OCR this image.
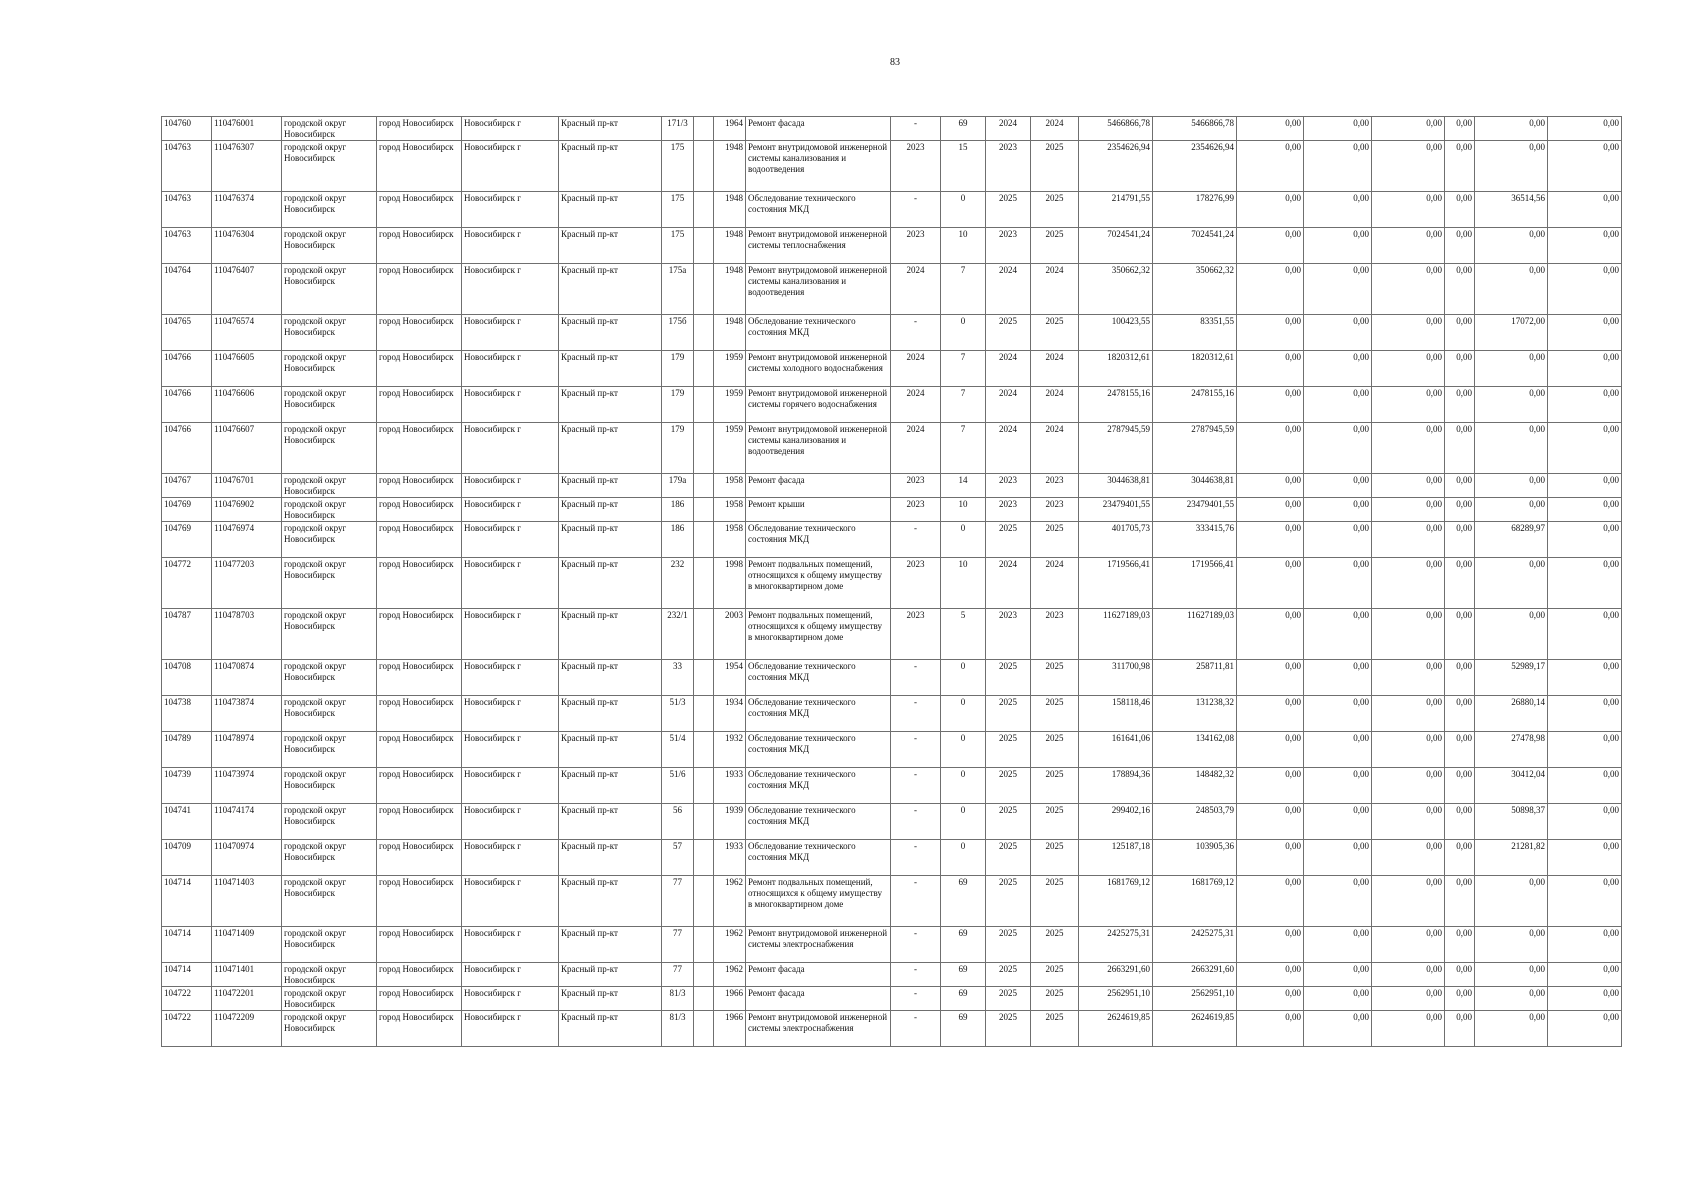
83
104760	110476001	городской округ Новосибирск	город Новосибирск	Новосибирск г	Красный пр-кт	171/3		1964	Ремонт фасада	-	69	2024	2024	5466866,78	5466866,78	0,00	0,00	0,00	0,00	0,00	0,00
104763	110476307	городской округ Новосибирск	город Новосибирск	Новосибирск г	Красный пр-кт	175		1948	Ремонт внутридомовой инженерной системы канализования и водоотведения	2023	15	2023	2025	2354626,94	2354626,94	0,00	0,00	0,00	0,00	0,00	0,00
104763	110476374	городской округ Новосибирск	город Новосибирск	Новосибирск г	Красный пр-кт	175		1948	Обследование технического состояния МКД	-	0	2025	2025	214791,55	178276,99	0,00	0,00	0,00	0,00	36514,56	0,00
104763	110476304	городской округ Новосибирск	город Новосибирск	Новосибирск г	Красный пр-кт	175		1948	Ремонт внутридомовой инженерной системы теплоснабжения	2023	10	2023	2025	7024541,24	7024541,24	0,00	0,00	0,00	0,00	0,00	0,00
104764	110476407	городской округ Новосибирск	город Новосибирск	Новосибирск г	Красный пр-кт	175а		1948	Ремонт внутридомовой инженерной системы канализования и водоотведения	2024	7	2024	2024	350662,32	350662,32	0,00	0,00	0,00	0,00	0,00	0,00
104765	110476574	городской округ Новосибирск	город Новосибирск	Новосибирск г	Красный пр-кт	175б		1948	Обследование технического состояния МКД	-	0	2025	2025	100423,55	83351,55	0,00	0,00	0,00	0,00	17072,00	0,00
104766	110476605	городской округ Новосибирск	город Новосибирск	Новосибирск г	Красный пр-кт	179		1959	Ремонт внутридомовой инженерной системы холодного водоснабжения	2024	7	2024	2024	1820312,61	1820312,61	0,00	0,00	0,00	0,00	0,00	0,00
104766	110476606	городской округ Новосибирск	город Новосибирск	Новосибирск г	Красный пр-кт	179		1959	Ремонт внутридомовой инженерной системы горячего водоснабжения	2024	7	2024	2024	2478155,16	2478155,16	0,00	0,00	0,00	0,00	0,00	0,00
104766	110476607	городской округ Новосибирск	город Новосибирск	Новосибирск г	Красный пр-кт	179		1959	Ремонт внутридомовой инженерной системы канализования и водоотведения	2024	7	2024	2024	2787945,59	2787945,59	0,00	0,00	0,00	0,00	0,00	0,00
104767	110476701	городской округ Новосибирск	город Новосибирск	Новосибирск г	Красный пр-кт	179а		1958	Ремонт фасада	2023	14	2023	2023	3044638,81	3044638,81	0,00	0,00	0,00	0,00	0,00	0,00
104769	110476902	городской округ Новосибирск	город Новосибирск	Новосибирск г	Красный пр-кт	186		1958	Ремонт крыши	2023	10	2023	2023	23479401,55	23479401,55	0,00	0,00	0,00	0,00	0,00	0,00
104769	110476974	городской округ Новосибирск	город Новосибирск	Новосибирск г	Красный пр-кт	186		1958	Обследование технического состояния МКД	-	0	2025	2025	401705,73	333415,76	0,00	0,00	0,00	0,00	68289,97	0,00
104772	110477203	городской округ Новосибирск	город Новосибирск	Новосибирск г	Красный пр-кт	232		1998	Ремонт подвальных помещений, относящихся к общему имуществу в многоквартирном доме	2023	10	2024	2024	1719566,41	1719566,41	0,00	0,00	0,00	0,00	0,00	0,00
104787	110478703	городской округ Новосибирск	город Новосибирск	Новосибирск г	Красный пр-кт	232/1		2003	Ремонт подвальных помещений, относящихся к общему имуществу в многоквартирном доме	2023	5	2023	2023	11627189,03	11627189,03	0,00	0,00	0,00	0,00	0,00	0,00
104708	110470874	городской округ Новосибирск	город Новосибирск	Новосибирск г	Красный пр-кт	33		1954	Обследование технического состояния МКД	-	0	2025	2025	311700,98	258711,81	0,00	0,00	0,00	0,00	52989,17	0,00
104738	110473874	городской округ Новосибирск	город Новосибирск	Новосибирск г	Красный пр-кт	51/3		1934	Обследование технического состояния МКД	-	0	2025	2025	158118,46	131238,32	0,00	0,00	0,00	0,00	26880,14	0,00
104789	110478974	городской округ Новосибирск	город Новосибирск	Новосибирск г	Красный пр-кт	51/4		1932	Обследование технического состояния МКД	-	0	2025	2025	161641,06	134162,08	0,00	0,00	0,00	0,00	27478,98	0,00
104739	110473974	городской округ Новосибирск	город Новосибирск	Новосибирск г	Красный пр-кт	51/6		1933	Обследование технического состояния МКД	-	0	2025	2025	178894,36	148482,32	0,00	0,00	0,00	0,00	30412,04	0,00
104741	110474174	городской округ Новосибирск	город Новосибирск	Новосибирск г	Красный пр-кт	56		1939	Обследование технического состояния МКД	-	0	2025	2025	299402,16	248503,79	0,00	0,00	0,00	0,00	50898,37	0,00
104709	110470974	городской округ Новосибирск	город Новосибирск	Новосибирск г	Красный пр-кт	57		1933	Обследование технического состояния МКД	-	0	2025	2025	125187,18	103905,36	0,00	0,00	0,00	0,00	21281,82	0,00
104714	110471403	городской округ Новосибирск	город Новосибирск	Новосибирск г	Красный пр-кт	77		1962	Ремонт подвальных помещений, относящихся к общему имуществу в многоквартирном доме	-	69	2025	2025	1681769,12	1681769,12	0,00	0,00	0,00	0,00	0,00	0,00
104714	110471409	городской округ Новосибирск	город Новосибирск	Новосибирск г	Красный пр-кт	77		1962	Ремонт внутридомовой инженерной системы электроснабжения	-	69	2025	2025	2425275,31	2425275,31	0,00	0,00	0,00	0,00	0,00	0,00
104714	110471401	городской округ Новосибирск	город Новосибирск	Новосибирск г	Красный пр-кт	77		1962	Ремонт фасада	-	69	2025	2025	2663291,60	2663291,60	0,00	0,00	0,00	0,00	0,00	0,00
104722	110472201	городской округ Новосибирск	город Новосибирск	Новосибирск г	Красный пр-кт	81/3		1966	Ремонт фасада	-	69	2025	2025	2562951,10	2562951,10	0,00	0,00	0,00	0,00	0,00	0,00
104722	110472209	городской округ Новосибирск	город Новосибирск	Новосибирск г	Красный пр-кт	81/3		1966	Ремонт внутридомовой инженерной системы электроснабжения	-	69	2025	2025	2624619,85	2624619,85	0,00	0,00	0,00	0,00	0,00	0,00
